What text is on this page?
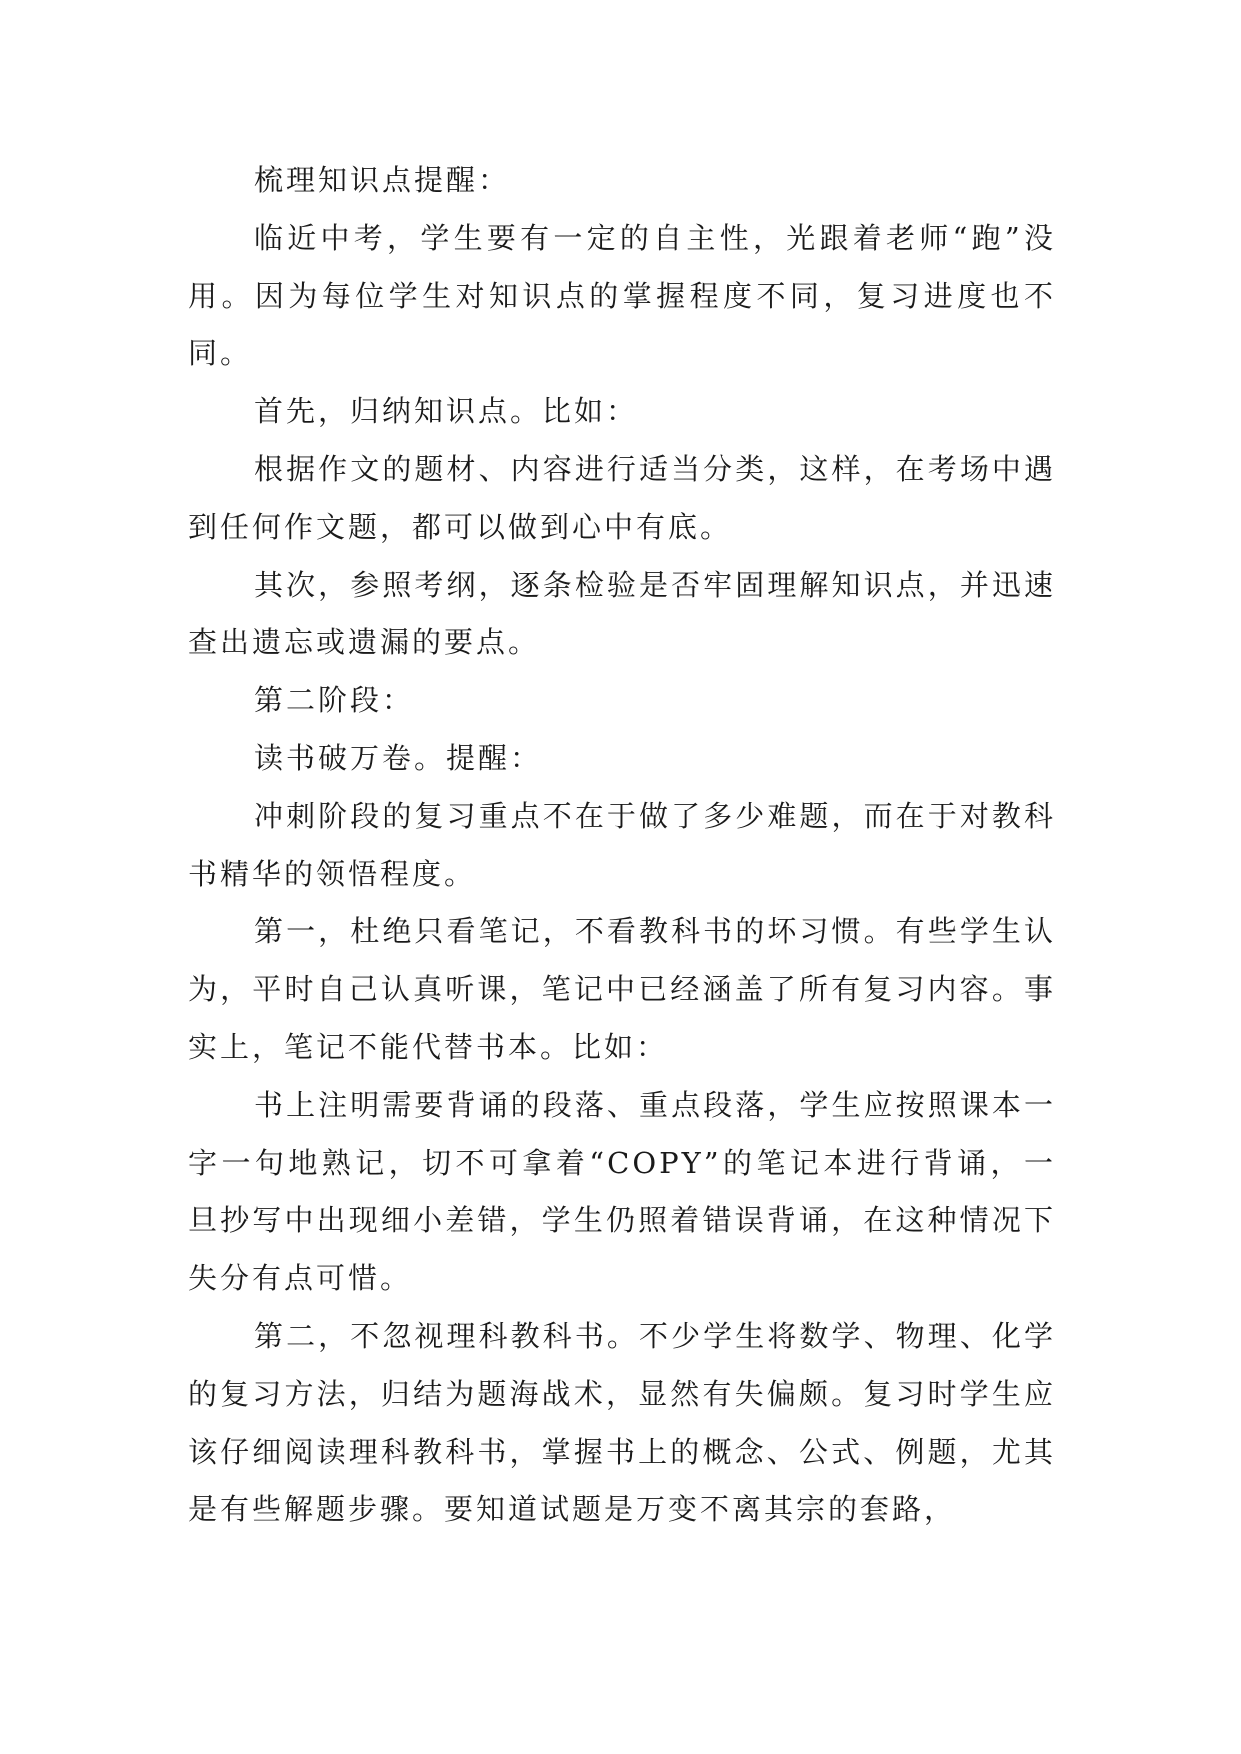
梳理知识点提醒：

临近中考，学生要有一定的自主性，光跟着老师“跑”没用。因为每位学生对知识点的掌握程度不同，复习进度也不同。

首先，归纳知识点。比如：

根据作文的题材、内容进行适当分类，这样，在考场中遇到任何作文题，都可以做到心中有底。

其次，参照考纲，逐条检验是否牢固理解知识点，并迅速查出遗忘或遗漏的要点。

第二阶段：

读书破万卷。提醒：

冲刺阶段的复习重点不在于做了多少难题，而在于对教科书精华的领悟程度。

第一，杜绝只看笔记，不看教科书的坏习惯。有些学生认为，平时自己认真听课，笔记中已经涵盖了所有复习内容。事实上，笔记不能代替书本。比如：

书上注明需要背诵的段落、重点段落，学生应按照课本一字一句地熟记，切不可拿着“COPY”的笔记本进行背诵，一旦抄写中出现细小差错，学生仍照着错误背诵，在这种情况下失分有点可惜。

第二，不忽视理科教科书。不少学生将数学、物理、化学的复习方法，归结为题海战术，显然有失偏颇。复习时学生应该仔细阅读理科教科书，掌握书上的概念、公式、例题，尤其是有些解题步骤。要知道试题是万变不离其宗的套路，
